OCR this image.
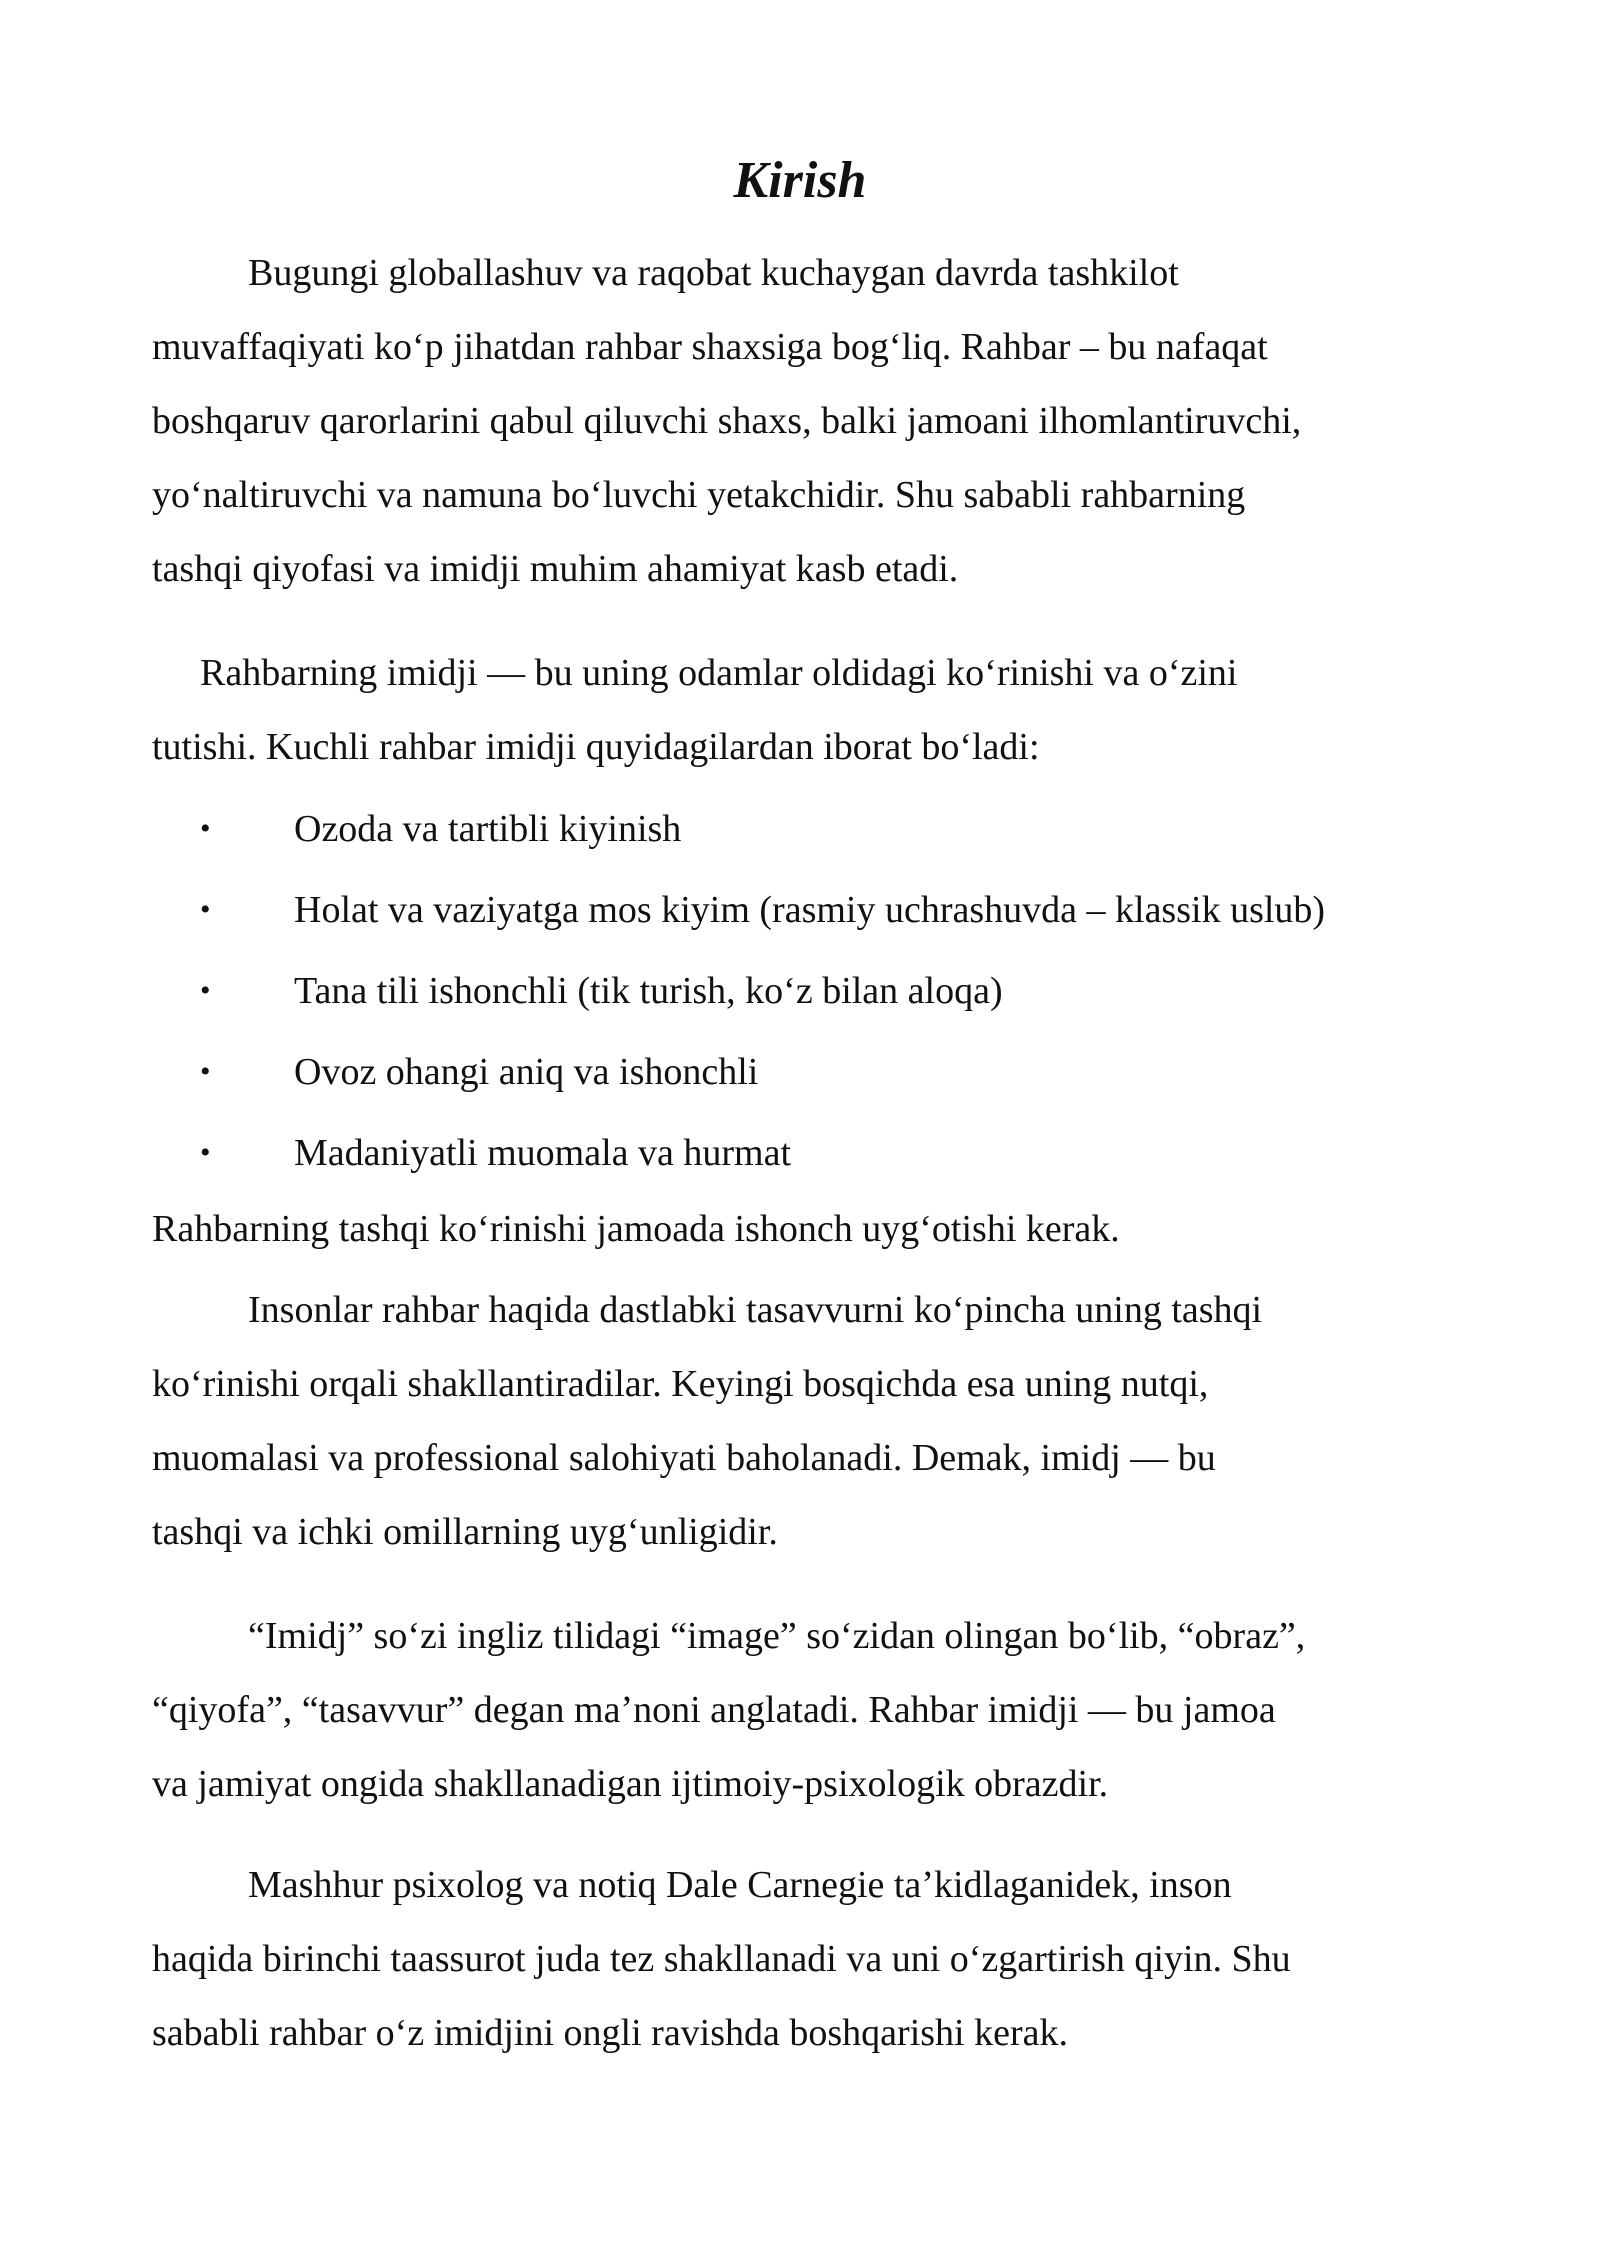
Kirish

Bugungi globallashuv va raqobat kuchaygan davrda tashkilot
muvaffaqiyati koʻp jihatdan rahbar shaxsiga bogʻliq. Rahbar – bu nafaqat
boshqaruv qarorlarini qabul qiluvchi shaxs, balki jamoani ilhomlantiruvchi,
yoʻnaltiruvchi va namuna boʻluvchi yetakchidir. Shu sababli rahbarning
tashqi qiyofasi va imidji muhim ahamiyat kasb etadi.

Rahbarning imidji — bu uning odamlar oldidagi koʻrinishi va oʻzini
tutishi. Kuchli rahbar imidji quyidagilardan iborat boʻladi:

• Ozoda va tartibli kiyinish
• Holat va vaziyatga mos kiyim (rasmiy uchrashuvda – klassik uslub)
• Tana tili ishonchli (tik turish, koʻz bilan aloqa)
• Ovoz ohangi aniq va ishonchli
• Madaniyatli muomala va hurmat

Rahbarning tashqi koʻrinishi jamoada ishonch uygʻotishi kerak.

Insonlar rahbar haqida dastlabki tasavvurni koʻpincha uning tashqi
koʻrinishi orqali shakllantiradilar. Keyingi bosqichda esa uning nutqi,
muomalasi va professional salohiyati baholanadi. Demak, imidj — bu
tashqi va ichki omillarning uygʻunligidir.

“Imidj” soʻzi ingliz tilidagi “image” soʻzidan olingan boʻlib, “obraz”,
“qiyofa”, “tasavvur” degan maʼnoni anglatadi. Rahbar imidji — bu jamoa
va jamiyat ongida shakllanadigan ijtimoiy-psixologik obrazdir.

Mashhur psixolog va notiq Dale Carnegie taʼkidlaganidek, inson
haqida birinchi taassurot juda tez shakllanadi va uni oʻzgartirish qiyin. Shu
sababli rahbar oʻz imidjini ongli ravishda boshqarishi kerak.
